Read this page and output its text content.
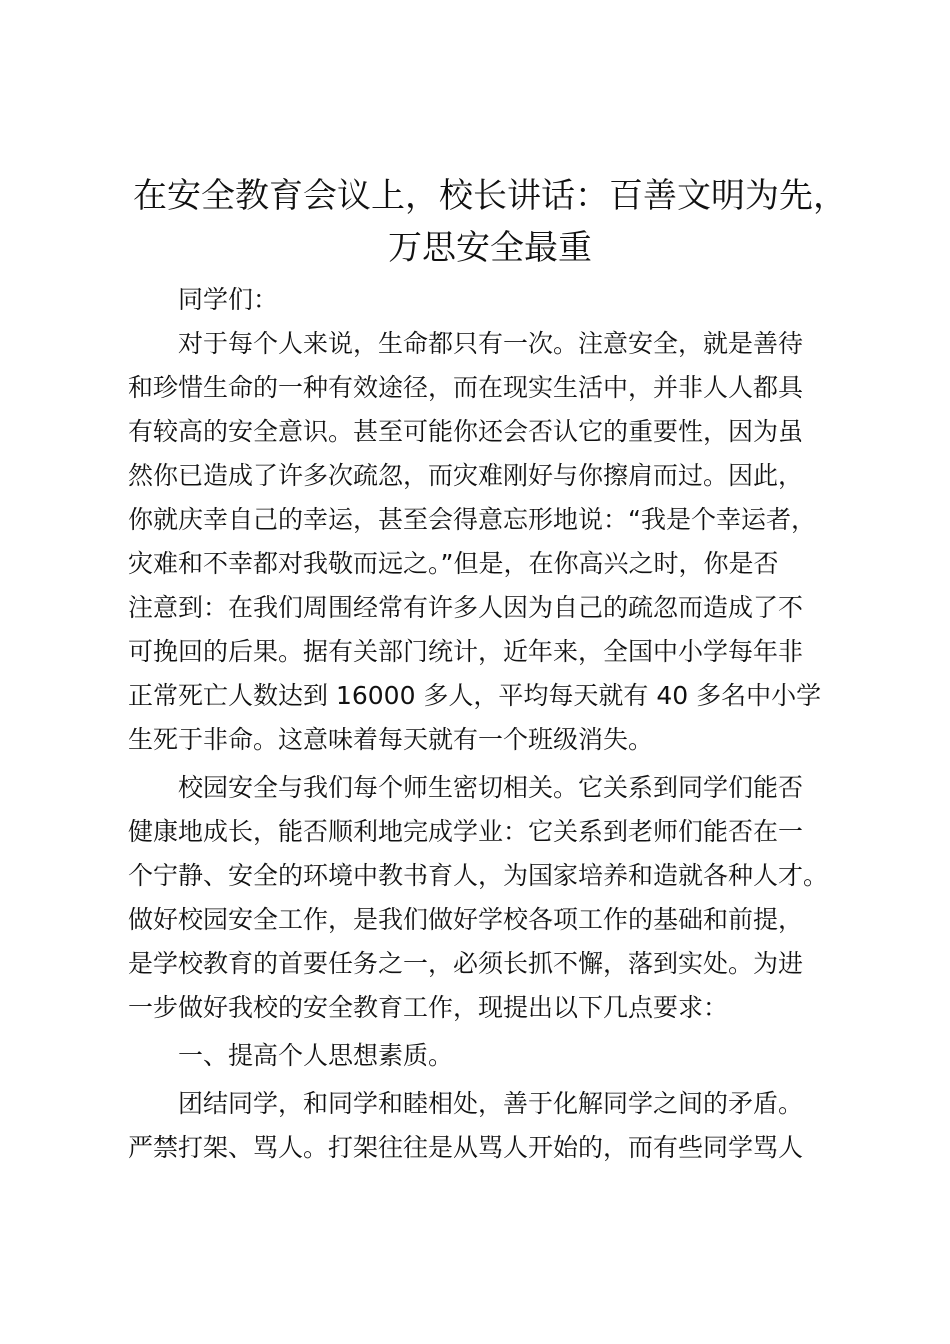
在安全教育会议上，校长讲话：百善文明为先，
万思安全最重
同学们：
对于每个人来说，生命都只有一次。注意安全，就是善待
和珍惜生命的一种有效途径，而在现实生活中，并非人人都具
有较高的安全意识。甚至可能你还会否认它的重要性，因为虽
然你已造成了许多次疏忽，而灾难刚好与你擦肩而过。因此，
你就庆幸自己的幸运，甚至会得意忘形地说：“我是个幸运者，
灾难和不幸都对我敬而远之。”但是，在你高兴之时，你是否
注意到：在我们周围经常有许多人因为自己的疏忽而造成了不
可挽回的后果。据有关部门统计，近年来，全国中小学每年非
正常死亡人数达到 16000 多人，平均每天就有 40 多名中小学
生死于非命。这意味着每天就有一个班级消失。
校园安全与我们每个师生密切相关。它关系到同学们能否
健康地成长，能否顺利地完成学业：它关系到老师们能否在一
个宁静、安全的环境中教书育人，为国家培养和造就各种人才。
做好校园安全工作，是我们做好学校各项工作的基础和前提，
是学校教育的首要任务之一，必须长抓不懈，落到实处。为进
一步做好我校的安全教育工作，现提出以下几点要求：
一、提高个人思想素质。
团结同学，和同学和睦相处，善于化解同学之间的矛盾。
严禁打架、骂人。打架往往是从骂人开始的，而有些同学骂人
